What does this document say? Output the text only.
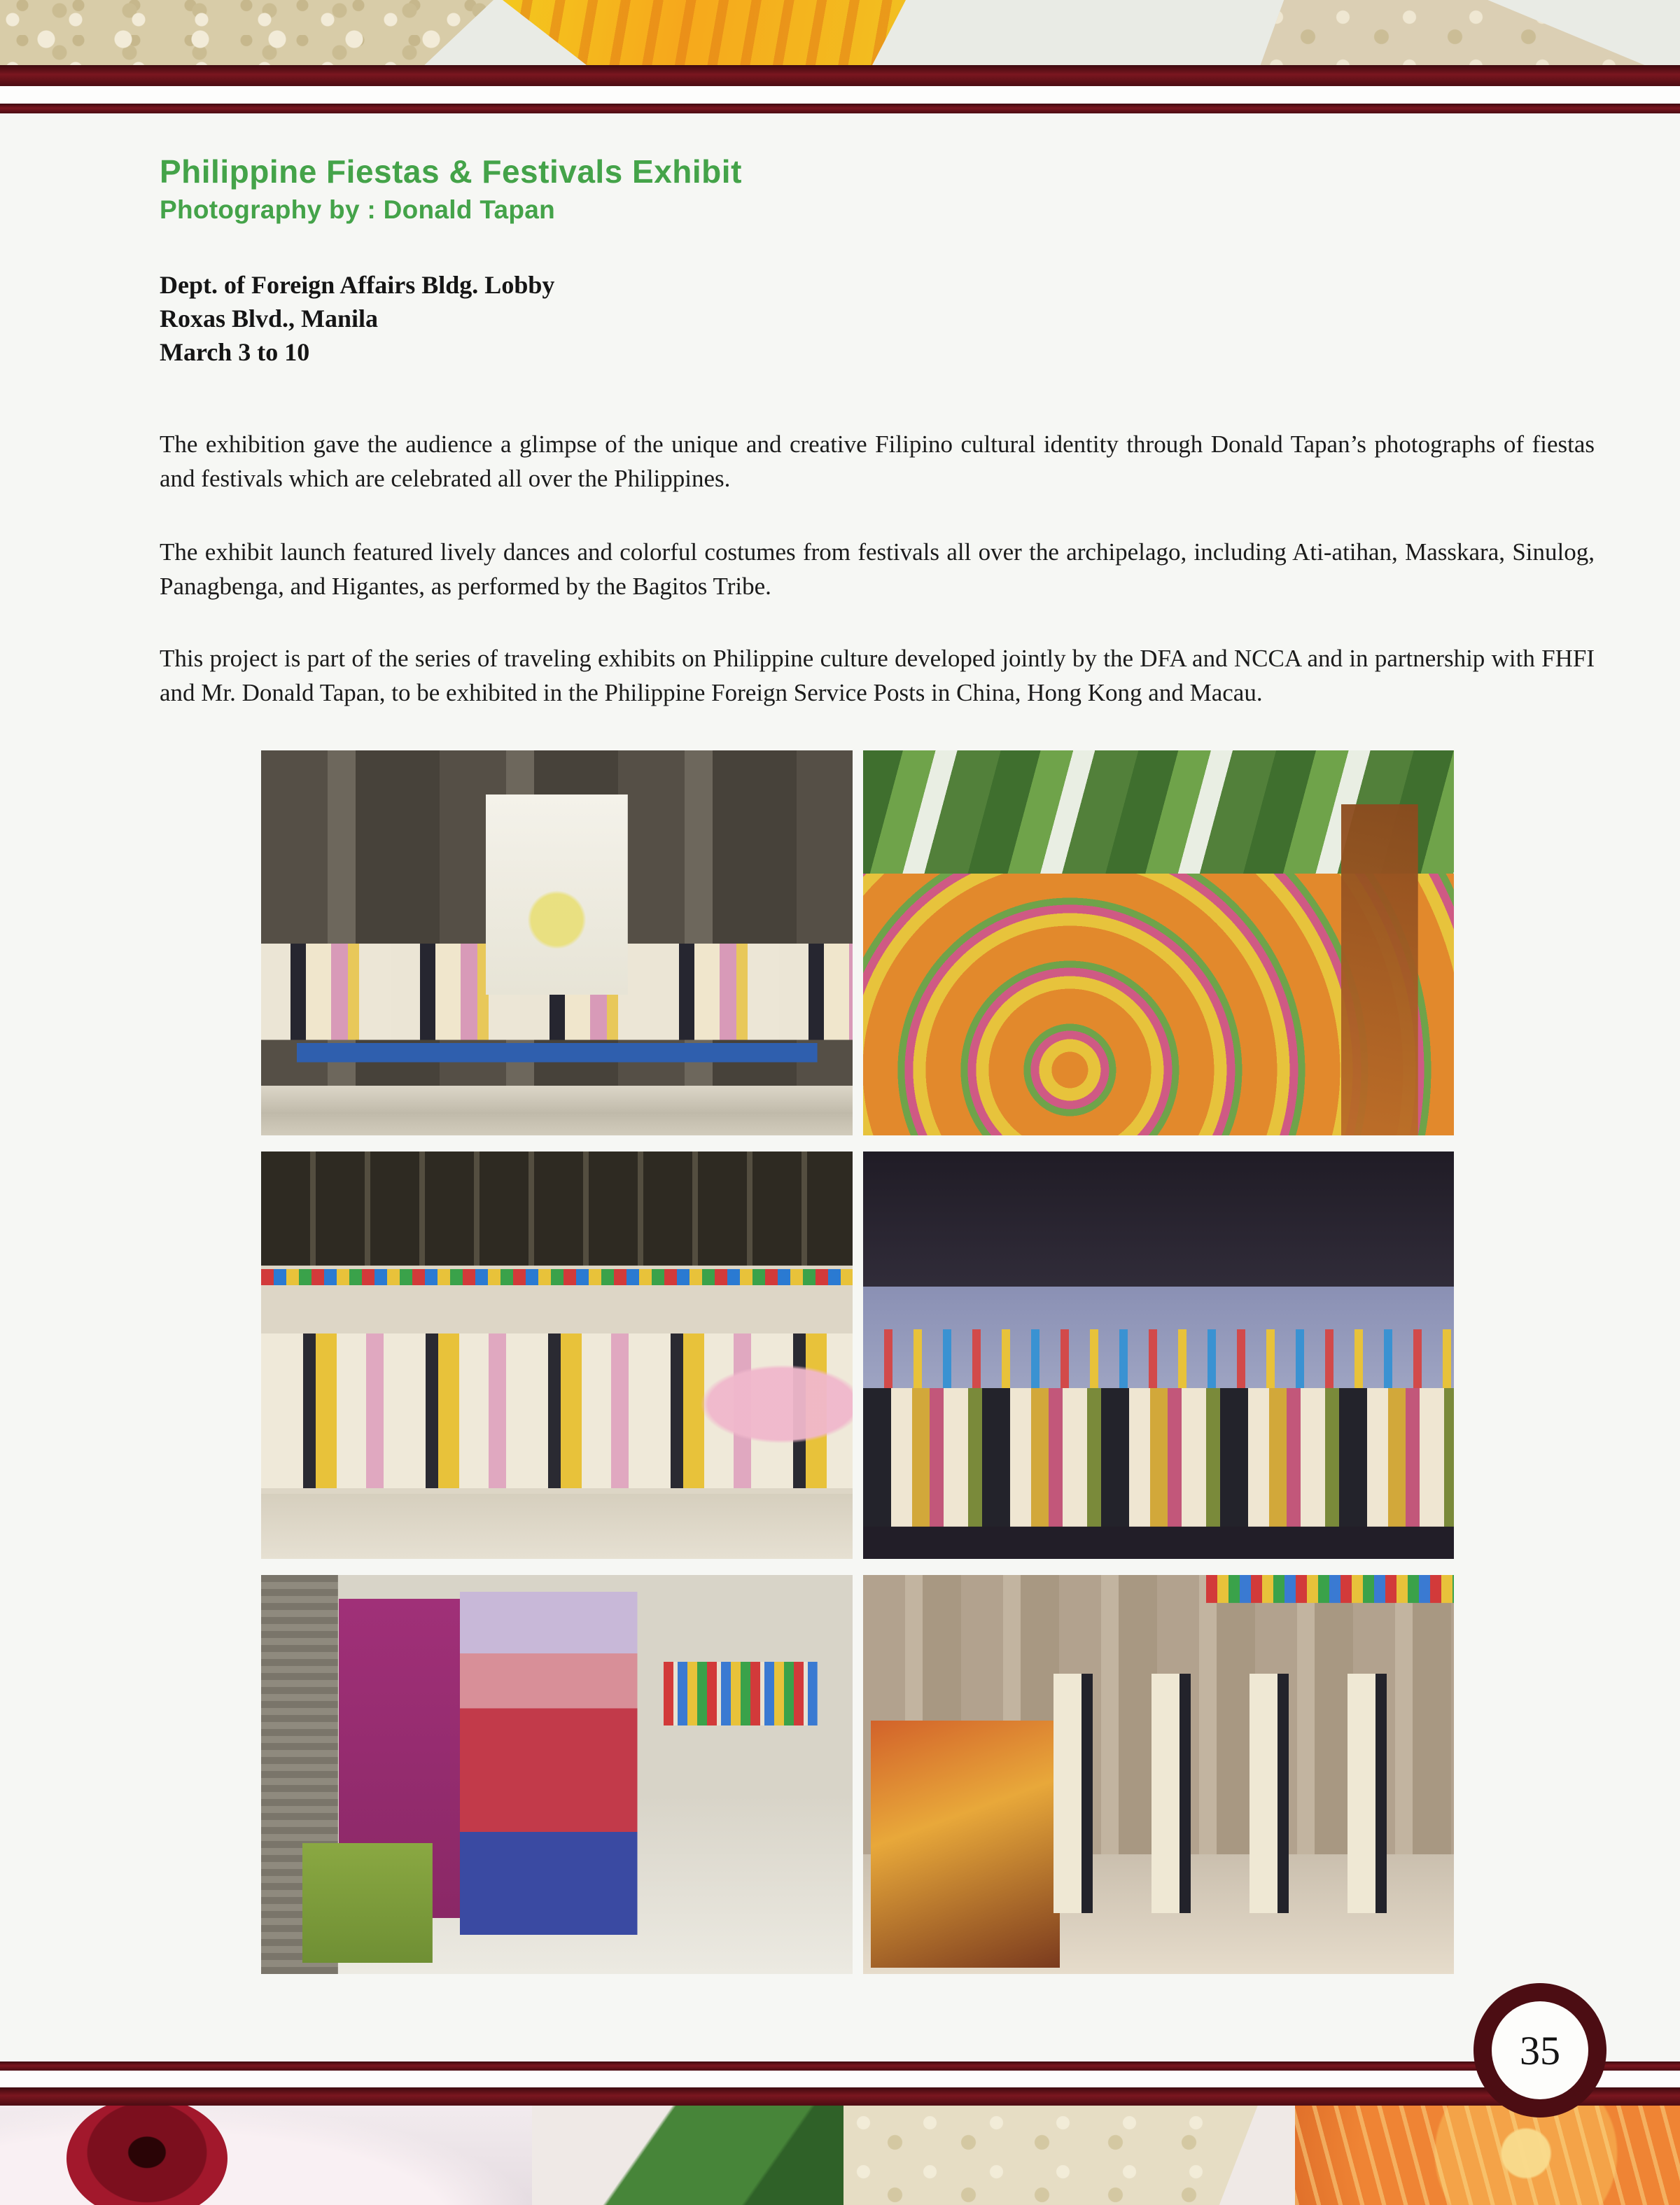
Philippine Fiestas & Festivals Exhibit
Photography by : Donald Tapan
Dept. of Foreign Affairs Bldg. Lobby
Roxas Blvd., Manila
March 3 to 10

The exhibition gave the audience a glimpse of the unique and creative Filipino cultural identity through Donald Tapan’s photographs of fiestas and festivals which are celebrated all over the Philippines.

The exhibit launch featured lively dances and colorful costumes from festivals all over the archipelago, including Ati-atihan, Masskara, Sinulog, Panagbenga, and Higantes, as performed by the Bagitos Tribe.

This project is part of the series of traveling exhibits on Philippine culture developed jointly by the DFA and NCCA and in partnership with FHFI and Mr. Donald Tapan, to be exhibited in the Philippine Foreign Service Posts in China, Hong Kong and Macau.

35
